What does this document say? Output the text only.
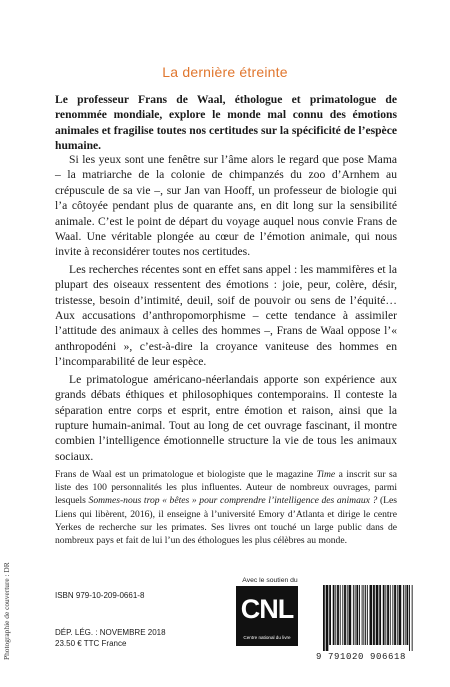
La dernière étreinte

Le professeur Frans de Waal, éthologue et primatologue de renommée mondiale, explore le monde mal connu des émotions animales et fragilise toutes nos certitudes sur la spécificité de l’espèce humaine.

Si les yeux sont une fenêtre sur l’âme alors le regard que pose Mama – la matriarche de la colonie de chimpanzés du zoo d’Arnhem au crépuscule de sa vie –, sur Jan van Hooff, un professeur de biologie qui l’a côtoyée pendant plus de quarante ans, en dit long sur la sensibilité animale. C’est le point de départ du voyage auquel nous convie Frans de Waal. Une véritable plongée au cœur de l’émotion animale, qui nous invite à reconsidérer toutes nos certitudes.

Les recherches récentes sont en effet sans appel : les mammifères et la plupart des oiseaux ressentent des émotions : joie, peur, colère, désir, tristesse, besoin d’intimité, deuil, soif de pouvoir ou sens de l’équité… Aux accusations d’anthropomorphisme – cette tendance à assimiler l’attitude des animaux à celles des hommes –, Frans de Waal oppose l’« anthropodéni », c’est-à-dire la croyance vaniteuse des hommes en l’incomparabilité de leur espèce.

Le primatologue américano-néerlandais apporte son expérience aux grands débats éthiques et philosophiques contemporains. Il conteste la séparation entre corps et esprit, entre émotion et raison, ainsi que la rupture humain-animal. Tout au long de cet ouvrage fascinant, il montre combien l’intelligence émotionnelle structure la vie de tous les animaux sociaux.

Frans de Waal est un primatologue et biologiste que le magazine Time a inscrit sur sa liste des 100 personnalités les plus influentes. Auteur de nombreux ouvrages, parmi lesquels Sommes-nous trop « bêtes » pour comprendre l’intelligence des animaux ? (Les Liens qui libèrent, 2016), il enseigne à l’université Emory d’Atlanta et dirige le centre Yerkes de recherche sur les primates. Ses livres ont touché un large public dans de nombreux pays et fait de lui l’un des éthologues les plus célèbres au monde.

Photographie de couverture : DR	ISBN 979-10-209-0661-8
DÉP. LÉG. : NOVEMBRE 2018
23.50 € TTC France
Avec le soutien du
CNL
Centre national du livre
9 791020 906618
